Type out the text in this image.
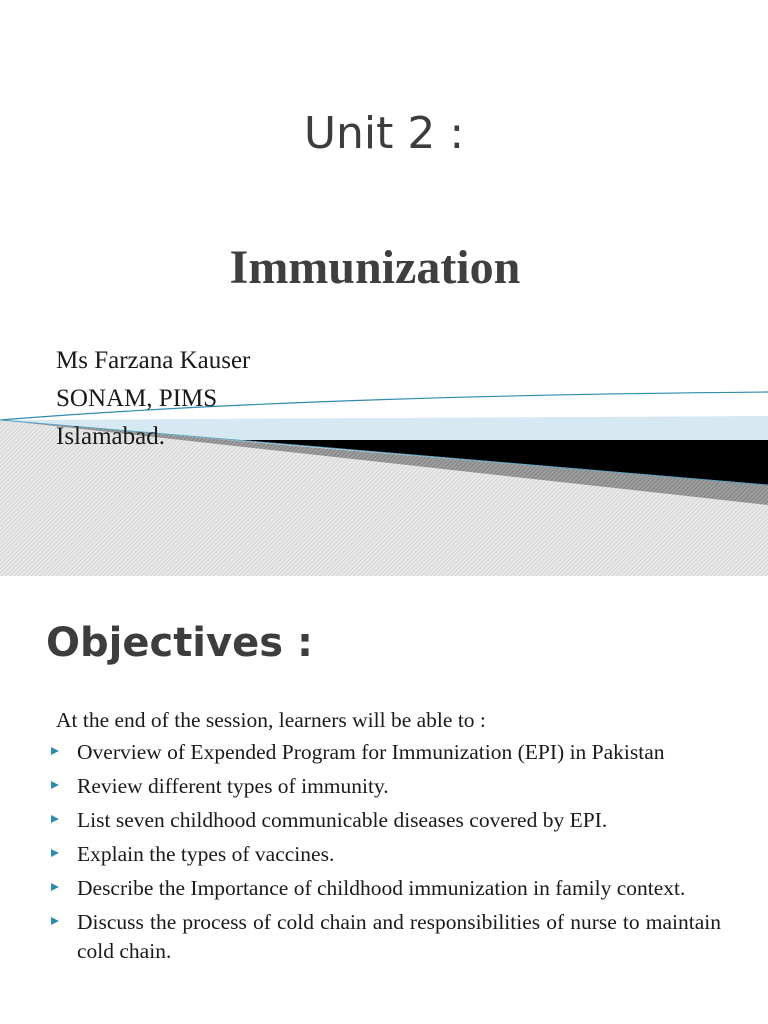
Unit 2 :
Immunization
Ms Farzana Kauser
SONAM, PIMS
Islamabad.
Objectives :
At the end of the session, learners will be able to :
Overview of Expended Program for Immunization (EPI) in Pakistan
Review different types of immunity.
List seven childhood communicable diseases covered by EPI.
Explain the types of vaccines.
Describe the Importance of childhood immunization in family context.
Discuss the process of cold chain and responsibilities of nurse to maintain cold chain.
